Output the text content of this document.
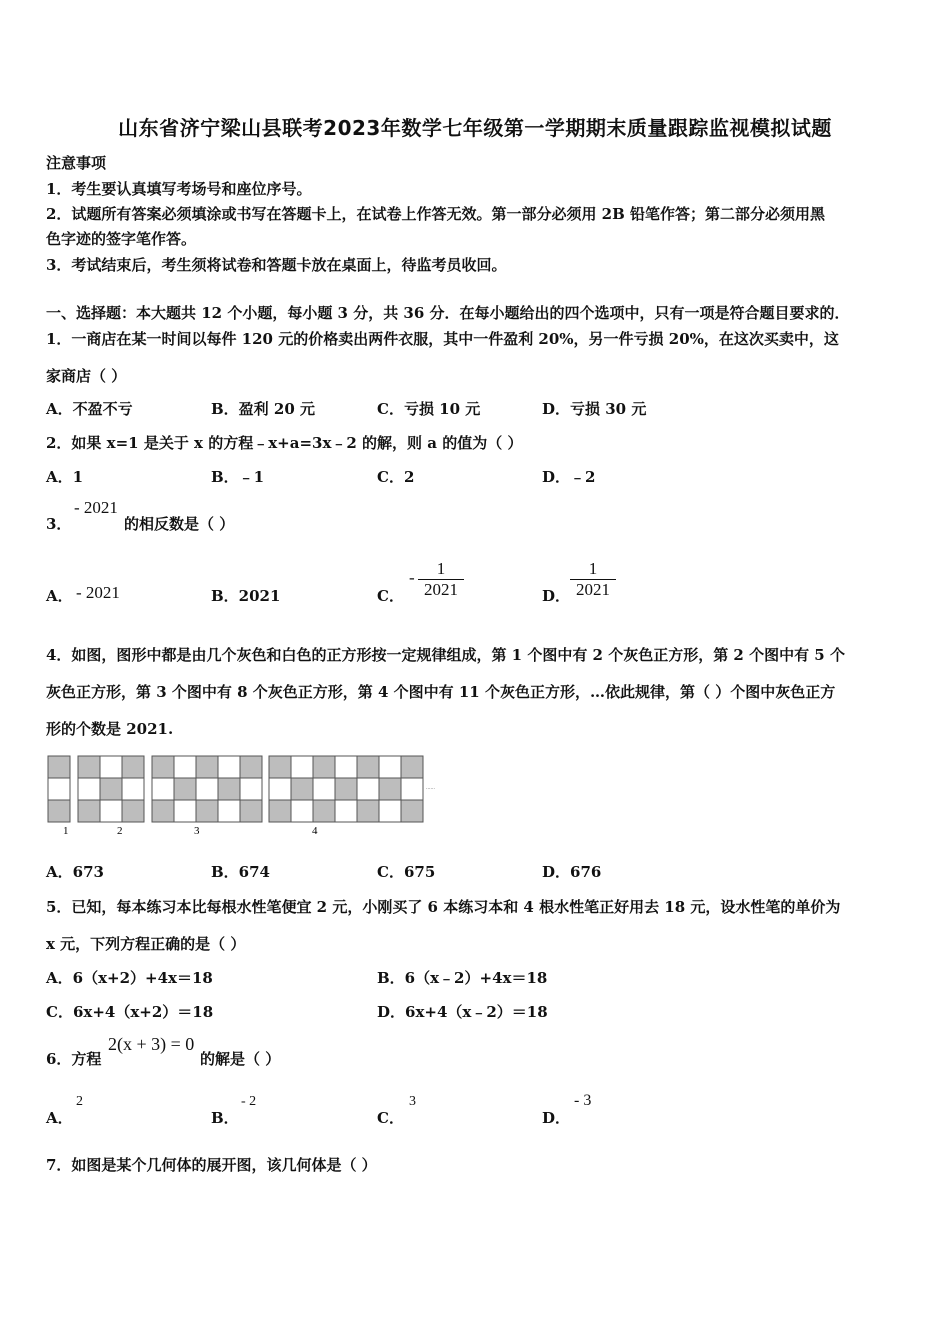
山东省济宁梁山县联考2023年数学七年级第一学期期末质量跟踪监视模拟试题
注意事项
1．考生要认真填写考场号和座位序号。
2．试题所有答案必须填涂或书写在答题卡上，在试卷上作答无效。第一部分必须用 2B 铅笔作答；第二部分必须用黑
色字迹的签字笔作答。
3．考试结束后，考生须将试卷和答题卡放在桌面上，待监考员收回。
一、选择题：本大题共 12 个小题，每小题 3 分，共 36 分．在每小题给出的四个选项中，只有一项是符合题目要求的．
1．一商店在某一时间以每件 120 元的价格卖出两件衣服，其中一件盈利 20%，另一件亏损 20%，在这次买卖中，这
家商店（ ）
A．不盈不亏	B．盈利 20 元	C．亏损 10 元	D．亏损 30 元
2．如果 x=1 是关于 x 的方程﹣x+a=3x﹣2 的解，则 a 的值为（ ）
A．1	B．﹣1	C．2	D．﹣2
3．
- 2021
的相反数是（ ）
A． - 2021	B．2021	C．
- $\frac{1}{2021}$	D． $\frac{1}{2021}$
4．如图，图形中都是由几个灰色和白色的正方形按一定规律组成，第 1 个图中有 2 个灰色正方形，第 2 个图中有 5 个
灰色正方形，第 3 个图中有 8 个灰色正方形，第 4 个图中有 11 个灰色正方形，…依此规律，第（ ）个图中灰色正方
形的个数是 2021.
1	2	3	4
......
A．673	B．674	C．675	D．676
5．已知，每本练习本比每根水性笔便宜 2 元，小刚买了 6 本练习本和 4 根水性笔正好用去 18 元，设水性笔的单价为
x 元，下列方程正确的是（ ）
A．6（x+2）+4x＝18	B．6（x﹣2）+4x＝18
C．6x+4（x+2）＝18	D．6x+4（x﹣2）＝18
6．方程
2(x + 3) = 0
的解是（ ）
A．
2
B．
- 2
C．
3
D．
- 3
7．如图是某个几何体的展开图，该几何体是（ ）
